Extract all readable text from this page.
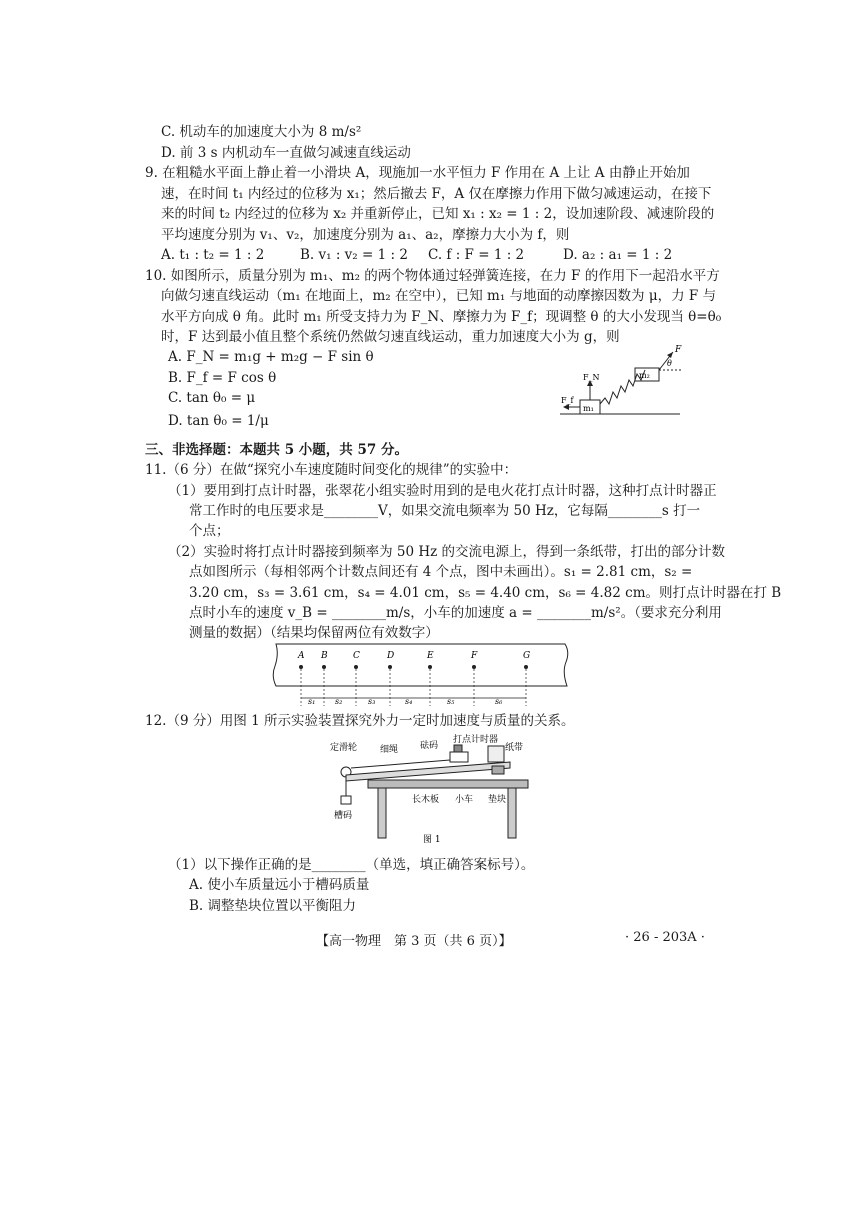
C. 机动车的加速度大小为 8 m/s²
D. 前 3 s 内机动车一直做匀减速直线运动
9. 在粗糙水平面上静止着一小滑块 A，现施加一水平恒力 F 作用在 A 上让 A 由静止开始加
速，在时间 t₁ 内经过的位移为 x₁；然后撤去 F，A 仅在摩擦力作用下做匀减速运动，在接下
来的时间 t₂ 内经过的位移为 x₂ 并重新停止，已知 x₁ : x₂ = 1 : 2，设加速阶段、减速阶段的
平均速度分别为 v₁、v₂，加速度分别为 a₁、a₂，摩擦力大小为 f，则
A. t₁ : t₂ = 1 : 2	B. v₁ : v₂ = 1 : 2 C. f : F = 1 : 2	D. a₂ : a₁ = 1 : 2
10. 如图所示，质量分别为 m₁、m₂ 的两个物体通过轻弹簧连接，在力 F 的作用下一起沿水平方
向做匀速直线运动（m₁ 在地面上，m₂ 在空中），已知 m₁ 与地面的动摩擦因数为 μ，力 F 与
水平方向成 θ 角。此时 m₁ 所受支持力为 F_N、摩擦力为 F_f；现调整 θ 的大小发现当 θ=θ₀
时，F 达到最小值且整个系统仍然做匀速直线运动，重力加速度大小为 g，则
A. F_N = m₁g + m₂g − F sin θ
B. F_f = F cos θ
C. tan θ₀ = μ
D. tan θ₀ = 1/μ
m₁
m₂
F
θ
F_N
F_f
三、非选择题：本题共 5 小题，共 57 分。
11.（6 分）在做“探究小车速度随时间变化的规律”的实验中：
（1）要用到打点计时器，张翠花小组实验时用到的是电火花打点计时器，这种打点计时器正
常工作时的电压要求是________V，如果交流电频率为 50 Hz，它每隔________s 打一
个点；
（2）实验时将打点计时器接到频率为 50 Hz 的交流电源上，得到一条纸带，打出的部分计数
点如图所示（每相邻两个计数点间还有 4 个点，图中未画出）。s₁ = 2.81 cm，s₂ =
3.20 cm，s₃ = 3.61 cm，s₄ = 4.01 cm，s₅ = 4.40 cm，s₆ = 4.82 cm。则打点计时器在打 B
点时小车的速度 v_B = ________m/s，小车的加速度 a = ________m/s²。（要求充分利用
测量的数据）（结果均保留两位有效数字）
A B	C	D	E	F	G
s₁ s₂	s₃	s₄	s₅	s₆
12.（9 分）用图 1 所示实验装置探究外力一定时加速度与质量的关系。
定滑轮	细绳 砝码
打点计时器
纸带
槽码
长木板 小车 垫块
图 1
（1）以下操作正确的是________（单选，填正确答案标号）。
A. 使小车质量远小于槽码质量
B. 调整垫块位置以平衡阻力
【高一物理　第 3 页（共 6 页）】	· 26 - 203A ·
